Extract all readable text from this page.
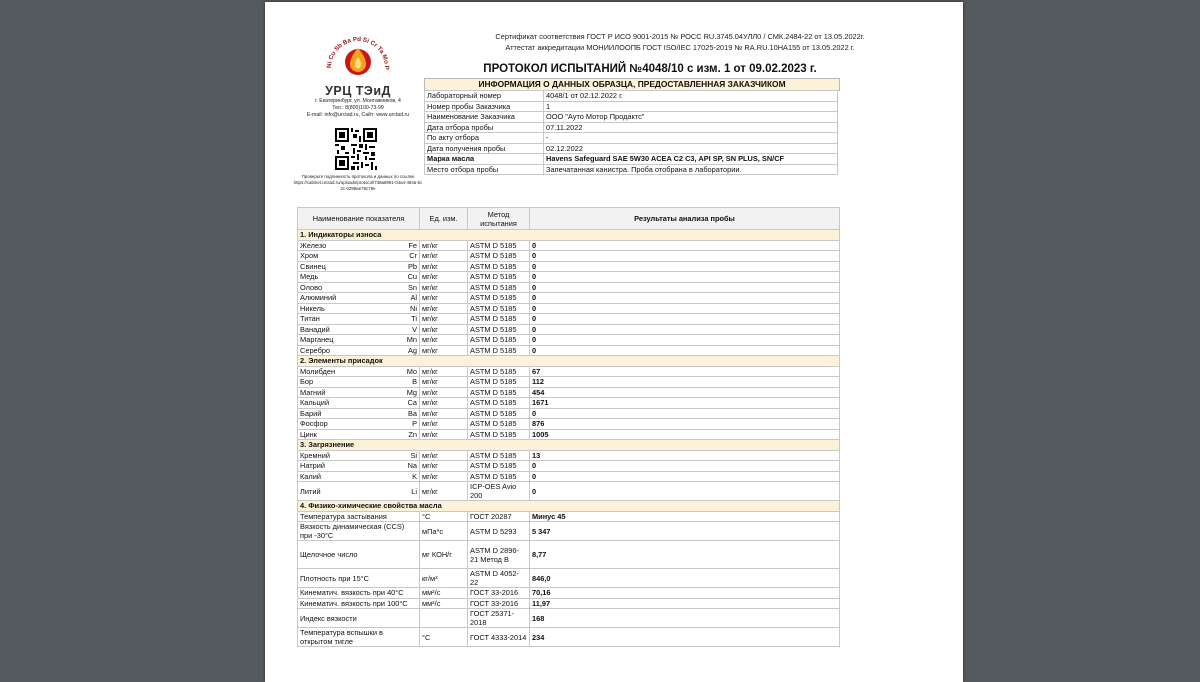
Ni Cu Sb Ba Pd Si Cr Ta Mo P
УРЦ ТЭиД
г. Екатеринбург, ул. Монтажников, 4
Тел.: 8(800)100-73-99
E-mail: info@urctad.ru, Сайт: www.urctad.ru
Проверьте подлинность протокола и данных по ссылке
https://cabinet.urctad.ru/uploads/protocol/738a8991-04a4-494a-bc2c-0298ae78c78e
Сертификат соответствия ГОСТ Р ИСО 9001-2015 № РОСС RU.3745.04УЛЛ0 / СМК.2484-22 от 13.05.2022г.
Аттестат аккредитации МОНИИЛООПБ ГОСТ ISO/IEC 17025-2019 № RA.RU.10НА155 от 13.05.2022 г.
ПРОТОКОЛ ИСПЫТАНИЙ №4048/10 с изм. 1 от 09.02.2023 г.
ИНФОРМАЦИЯ О ДАННЫХ ОБРАЗЦА, ПРЕДОСТАВЛЕННАЯ ЗАКАЗЧИКОМ
Лабораторный номер	4048/1 от 02.12.2022 г.
Номер пробы Заказчика	1
Наименование Заказчика	ООО "Ауто Мотор Продактс"
Дата отбора пробы	07.11.2022
По акту отбора	-
Дата получения пробы	02.12.2022
Марка масла	Havens Safeguard SAE 5W30 ACEA C2 C3, API SP, SN PLUS, SN/CF
Место отбора пробы	Запечатанная канистра. Проба отобрана в лаборатории.
Наименование показателя		Ед. изм.	Метод испытания	Результаты анализа пробы
1. Индикаторы износа				
Железо	Fe	мг/кг	ASTM D 5185	0
Хром	Cr	мг/кг	ASTM D 5185	0
Свинец	Pb	мг/кг	ASTM D 5185	0
Медь	Cu	мг/кг	ASTM D 5185	0
Олово	Sn	мг/кг	ASTM D 5185	0
Алюминий	Al	мг/кг	ASTM D 5185	0
Никель	Ni	мг/кг	ASTM D 5185	0
Титан	Ti	мг/кг	ASTM D 5185	0
Ванадий	V	мг/кг	ASTM D 5185	0
Марганец	Mn	мг/кг	ASTM D 5185	0
Серебро	Ag	мг/кг	ASTM D 5185	0
2. Элементы присадок				
Молибден	Mo	мг/кг	ASTM D 5185	67
Бор	B	мг/кг	ASTM D 5185	112
Магний	Mg	мг/кг	ASTM D 5185	454
Кальций	Ca	мг/кг	ASTM D 5185	1671
Барий	Ba	мг/кг	ASTM D 5185	0
Фосфор	P	мг/кг	ASTM D 5185	876
Цинк	Zn	мг/кг	ASTM D 5185	1005
3. Загрязнение				
Кремний	Si	мг/кг	ASTM D 5185	13
Натрий	Na	мг/кг	ASTM D 5185	0
Калий	K	мг/кг	ASTM D 5185	0
Литий	Li	мг/кг	ICP-OES Avio 200	0
4. Физико-химические свойства масла				
Температура застывания		°С	ГОСТ 20287	Минус 45
Вязкость динамическая (CCS) при -30°С		мПа*с	ASTM D 5293	5 347
Щелочное число		мг КОН/г	ASTM D 2896-21 Метод В	8,77
Плотность при 15°С		кг/м³	ASTM D 4052-22	846,0
Кинематич. вязкость при 40°С		мм²/с	ГОСТ 33-2016	70,16
Кинематич. вязкость при 100°С		мм²/с	ГОСТ 33-2016	11,97
Индекс вязкости			ГОСТ 25371-2018	168
Температура вспышки в открытом тигле		°С	ГОСТ 4333-2014	234
